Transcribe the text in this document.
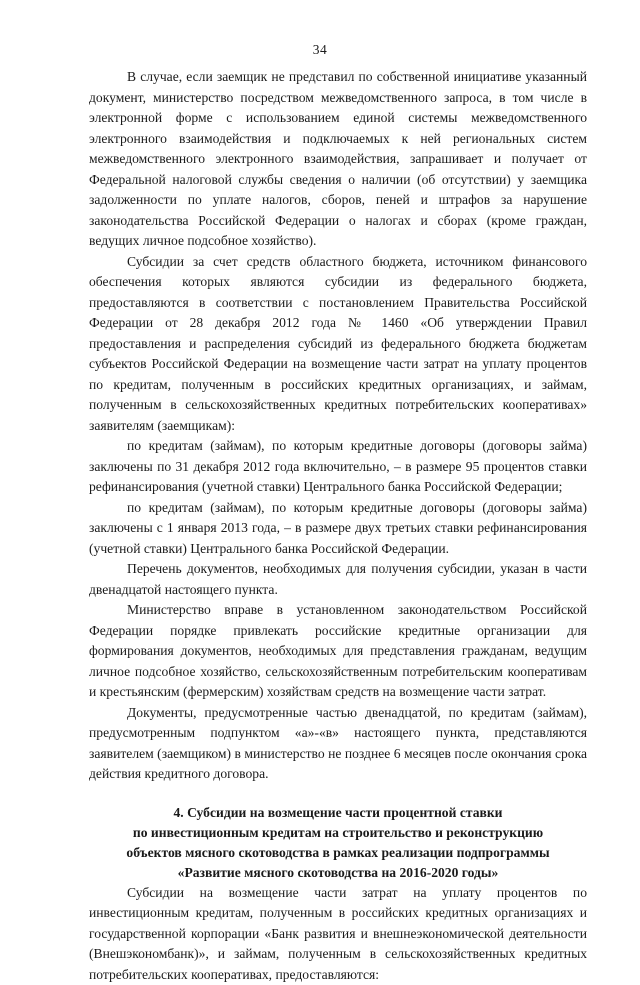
34

В случае, если заемщик не представил по собственной инициативе указанный документ, министерство посредством межведомственного запроса, в том числе в электронной форме с использованием единой системы межведомственного электронного взаимодействия и подключаемых к ней региональных систем межведомственного электронного взаимодействия, запрашивает и получает от Федеральной налоговой службы сведения о наличии (об отсутствии) у заемщика задолженности по уплате налогов, сборов, пеней и штрафов за нарушение законодательства Российской Федерации о налогах и сборах (кроме граждан, ведущих личное подсобное хозяйство).

Субсидии за счет средств областного бюджета, источником финансового обеспечения которых являются субсидии из федерального бюджета, предоставляются в соответствии с постановлением Правительства Российской Федерации от 28 декабря 2012 года № 1460 «Об утверждении Правил предоставления и распределения субсидий из федерального бюджета бюджетам субъектов Российской Федерации на возмещение части затрат на уплату процентов по кредитам, полученным в российских кредитных организациях, и займам, полученным в сельскохозяйственных кредитных потребительских кооперативах» заявителям (заемщикам):

по кредитам (займам), по которым кредитные договоры (договоры займа) заключены по 31 декабря 2012 года включительно, – в размере 95 процентов ставки рефинансирования (учетной ставки) Центрального банка Российской Федерации;

по кредитам (займам), по которым кредитные договоры (договоры займа) заключены с 1 января 2013 года, – в размере двух третьих ставки рефинансирования (учетной ставки) Центрального банка Российской Федерации.

Перечень документов, необходимых для получения субсидии, указан в части двенадцатой настоящего пункта.

Министерство вправе в установленном законодательством Российской Федерации порядке привлекать российские кредитные организации для формирования документов, необходимых для представления гражданам, ведущим личное подсобное хозяйство, сельскохозяйственным потребительским кооперативам и крестьянским (фермерским) хозяйствам средств на возмещение части затрат.

Документы, предусмотренные частью двенадцатой, по кредитам (займам), предусмотренным подпунктом «а»-«в» настоящего пункта, представляются заявителем (заемщиком) в министерство не позднее 6 месяцев после окончания срока действия кредитного договора.

4. Субсидии на возмещение части процентной ставки
по инвестиционным кредитам на строительство и реконструкцию
объектов мясного скотоводства в рамках реализации подпрограммы
«Развитие мясного скотоводства на 2016-2020 годы»

Субсидии на возмещение части затрат на уплату процентов по инвестиционным кредитам, полученным в российских кредитных организациях и государственной корпорации «Банк развития и внешнеэкономической деятельности (Внешэкономбанк)», и займам, полученным в сельскохозяйственных кредитных потребительских кооперативах, предоставляются:
